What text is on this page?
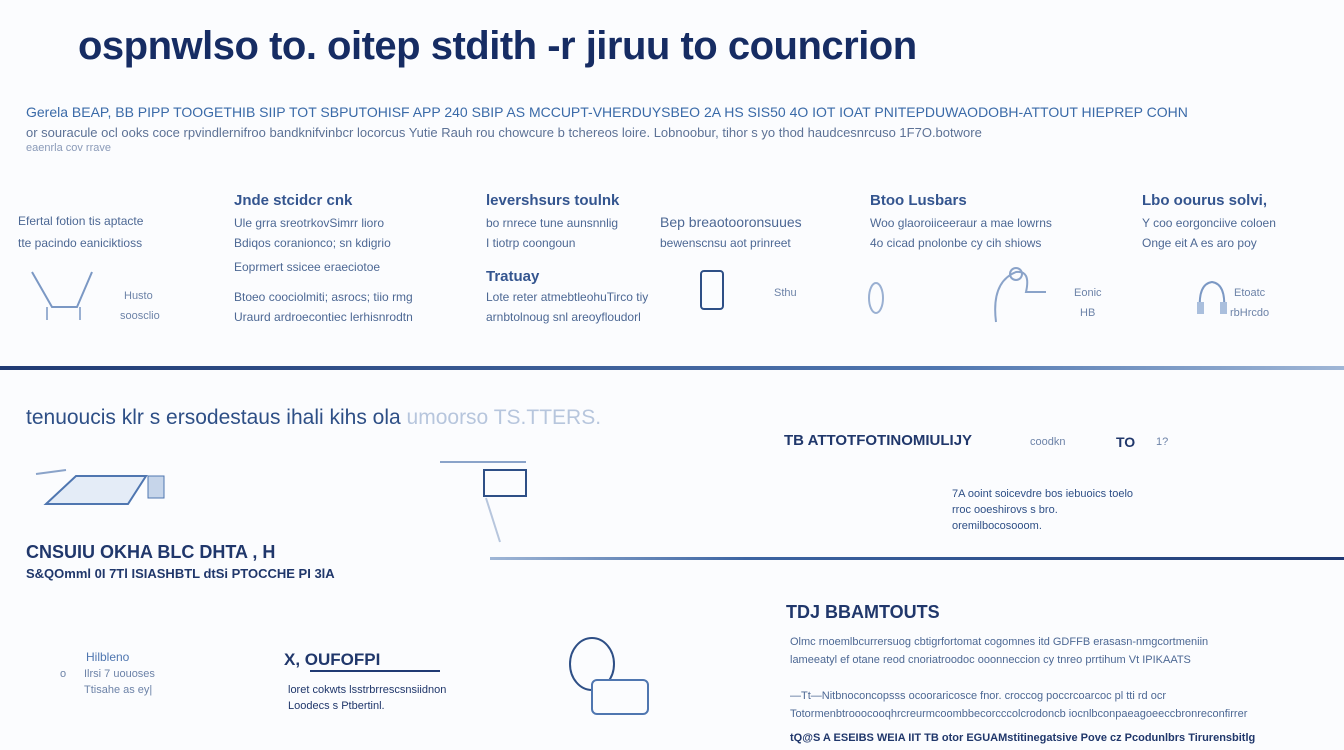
ospnwlso to. oitep stdith -r jiruu to councrion
Gerela BEAP, BB PIPP TOOGETHIB SIIP TOT SBPUTOHISF APP 240 SBIP AS MCCUPT-VHERDUYSBEO 2A HS SIS50 4O IOT IOAT PNITEPDUWAODOBH-ATTOUT HIEPREP COHN
or souracule ocl ooks coce rpvindlernifroo bandknifvinbcr locorcus Yutie Rauh rou chowcure b tchereos loire. Lobnoobur, tihor s yo thod haudcesnrcuso 1F7O.botwore
eaenrla cov rrave
Efertal fotion tis aptacte
tte pacindo eaniciktioss
Husto
soosclio
Jnde stcidcr cnk
Ule grra sreotrkovSimrr lioro
Bdiqos coranionco; sn kdigrio
Eoprmert ssicee eraeciotoe
Btoeo coociolmiti; asrocs; tiio rmg
Uraurd ardroecontiec lerhisnrodtn
levershsurs toulnk
bo rnrece tune aunsnnlig
I tiotrp coongoun
Tratuay
Lote reter atmebtleohuTirco tiy
arnbtolnoug snl areoyfloudorl
Bep breaotooronsuues
bewenscnsu aot prinreet
Sthu
Btoo Lusbars
Woo glaoroiiceeraur a mae lowrns
4o cicad pnolonbe cy cih shiows
Eonic
HB
Lbo oourus solvi,
Y coo eorgonciive coloen
Onge eit A es aro poy
Etoatc
rbHrcdo
tenuoucis klr s ersodestaus ihali kihs ola umoorso TS.TTERS.
TB ATTOTFOTINOMIULIJY	coodkn	TO 1?
7A ooint soicevdre bos iebuoics toelo
rroc ooeshirovs s bro.
oremilbocosooom.
CNSUIU OKHA BLC DHTA , H
S&QOmml 0I 7Tl ISIASHBTL dtSi PTOCCHE PI 3lA
Hilbleno
o Ilrsi 7 uouoses
Ttisahe as ey|
X, OUFOFPI
loret cokwts lsstrbrrescsnsiidnon
Loodecs s Ptbertinl.
TDJ BBAMTOUTS
Olmc rnoemlbcurrersuog cbtigrfortomat cogomnes itd GDFFB erasasn-nmgcortmeniin
lameeatyl ef otane reod cnoriatroodoc ooonneccion cy tnreo prrtihum Vt IPIKAATS
—Tt—Nitbnoconcopsss ocooraricosce fnor. croccog poccrcoarcoc pl tti rd ocr
Totormenbtrooocooqhrcreurmcoombbecorcccolcrodoncb iocnlbconpaeagoeeccbronreconfirrer
tQ@S A ESEIBS WEIA IIT TB otor EGUAMstitinegatsive Pove cz Pcodunlbrs Tirurensbitlg
